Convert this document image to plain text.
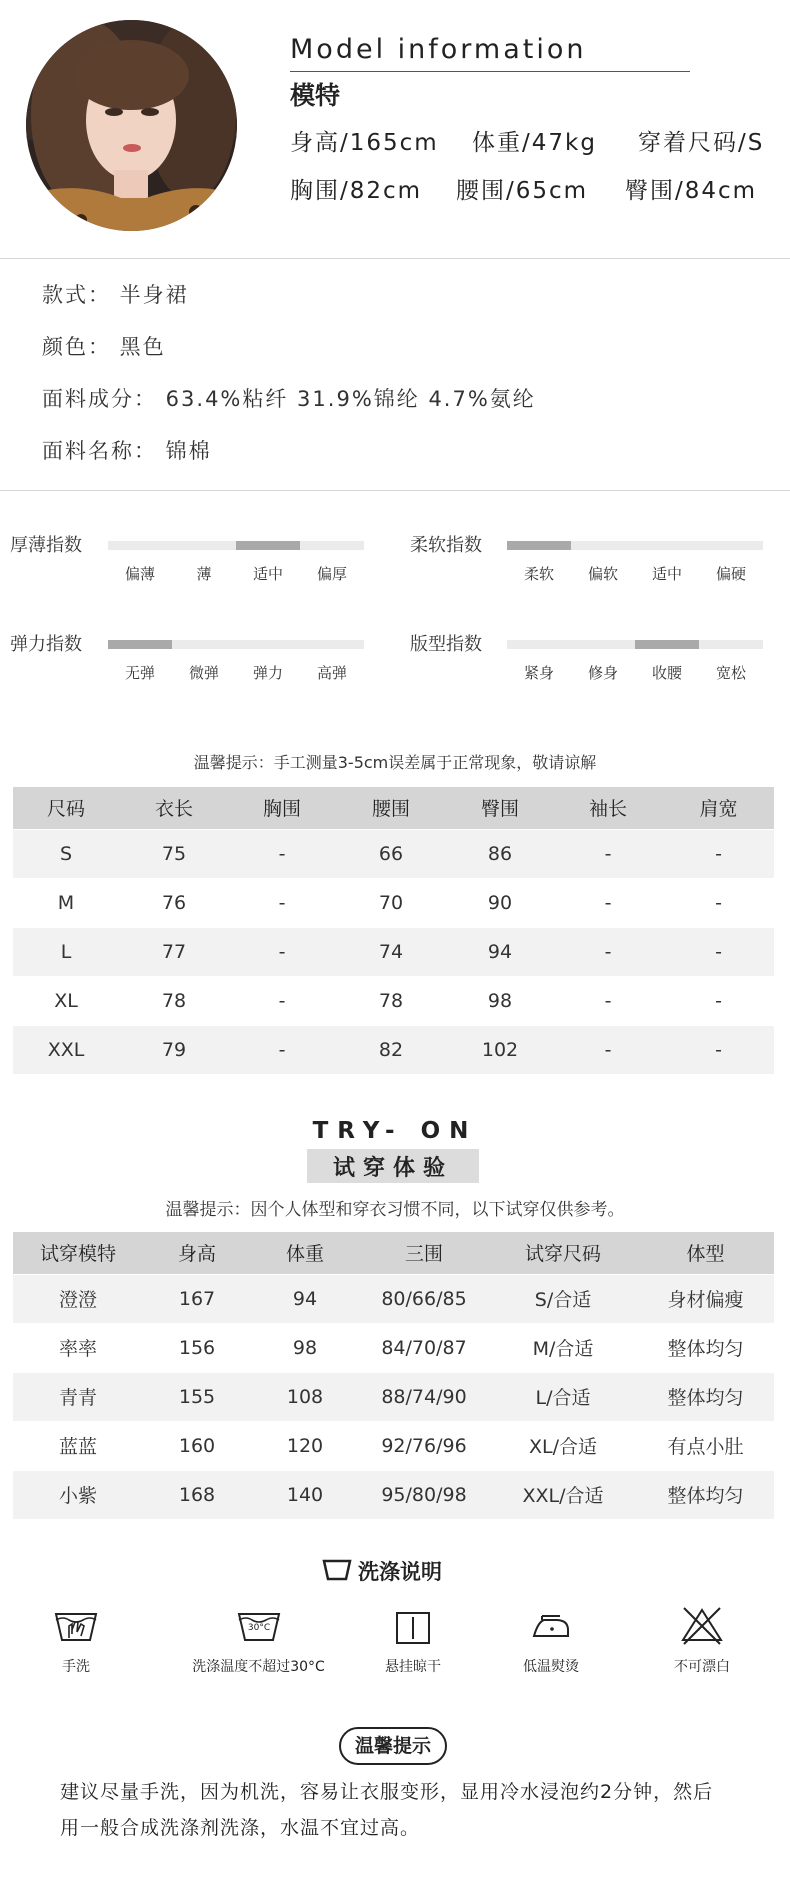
Model information
模特
身高/165cm 体重/47kg 穿着尺码/S
胸围/82cm 腰围/65cm 臀围/84cm
款式： 半身裙
颜色： 黑色
面料成分： 63.4%粘纤 31.9%锦纶 4.7%氨纶
面料名称： 锦棉
厚薄指数
偏薄	薄	适中	偏厚
柔软指数
柔软	偏软	适中	偏硬
弹力指数
无弹	微弹	弹力	高弹
版型指数
紧身	修身	收腰	宽松
温馨提示：手工测量3-5cm误差属于正常现象，敬请谅解
尺码	衣长	胸围	腰围	臀围	袖长	肩宽
S	75	-	66	86	-	-
M	76	-	70	90	-	-
L	77	-	74	94	-	-
XL	78	-	78	98	-	-
XXL	79	-	82	102	-	-
TRY- ON
试穿体验
温馨提示：因个人体型和穿衣习惯不同，以下试穿仅供参考。
试穿模特	身高	体重	三围	试穿尺码	体型
澄澄	167	94	80/66/85	S/合适	身材偏瘦
率率	156	98	84/70/87	M/合适	整体均匀
青青	155	108	88/74/90	L/合适	整体均匀
蓝蓝	160	120	92/76/96	XL/合适	有点小肚
小紫	168	140	95/80/98	XXL/合适	整体均匀
洗涤说明
手洗
30°C
洗涤温度不超过30°C	悬挂晾干	低温熨烫	不可漂白
温馨提示
建议尽量手洗，因为机洗，容易让衣服变形，显用冷水浸泡约2分钟，然后
用一般合成洗涤剂洗涤，水温不宜过高。
